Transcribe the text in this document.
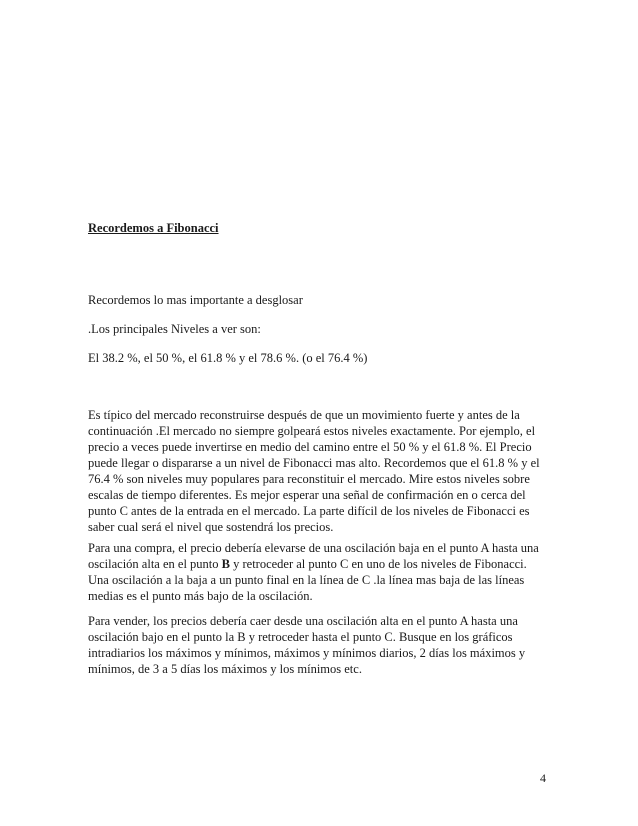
Recordemos a Fibonacci
Recordemos lo mas importante a desglosar
.Los principales Niveles a ver son:
El 38.2 %, el 50 %, el 61.8 % y el 78.6 %. (o el 76.4 %)

Es típico del mercado reconstruirse después de que un movimiento fuerte y antes de la continuación .El mercado no siempre golpeará estos niveles exactamente. Por ejemplo, el precio a veces puede invertirse en medio del camino entre el 50 % y el 61.8 %. El Precio puede llegar o dispararse a un nivel de Fibonacci mas alto. Recordemos que el 61.8 % y el 76.4 % son niveles muy populares para reconstituir el mercado. Mire estos niveles sobre escalas de tiempo diferentes. Es mejor esperar una señal de confirmación en o cerca del punto C antes de la entrada en el mercado. La parte difícil de los niveles de Fibonacci es saber cual será el nivel que sostendrá los precios.

Para una compra, el precio debería elevarse de una oscilación baja en el punto A hasta una oscilación alta en el punto B y retroceder al punto C en uno de los niveles de Fibonacci. Una oscilación a la baja a un punto final en la línea de C .la línea mas baja de las líneas medias es el punto más bajo de la oscilación.

Para vender, los precios debería caer desde una oscilación alta en el punto A hasta una oscilación bajo en el punto la B y retroceder hasta el punto C. Busque en los gráficos intradiarios los máximos y mínimos, máximos y mínimos diarios, 2 días los máximos y mínimos, de 3 a 5 días los máximos y los mínimos etc.

4
